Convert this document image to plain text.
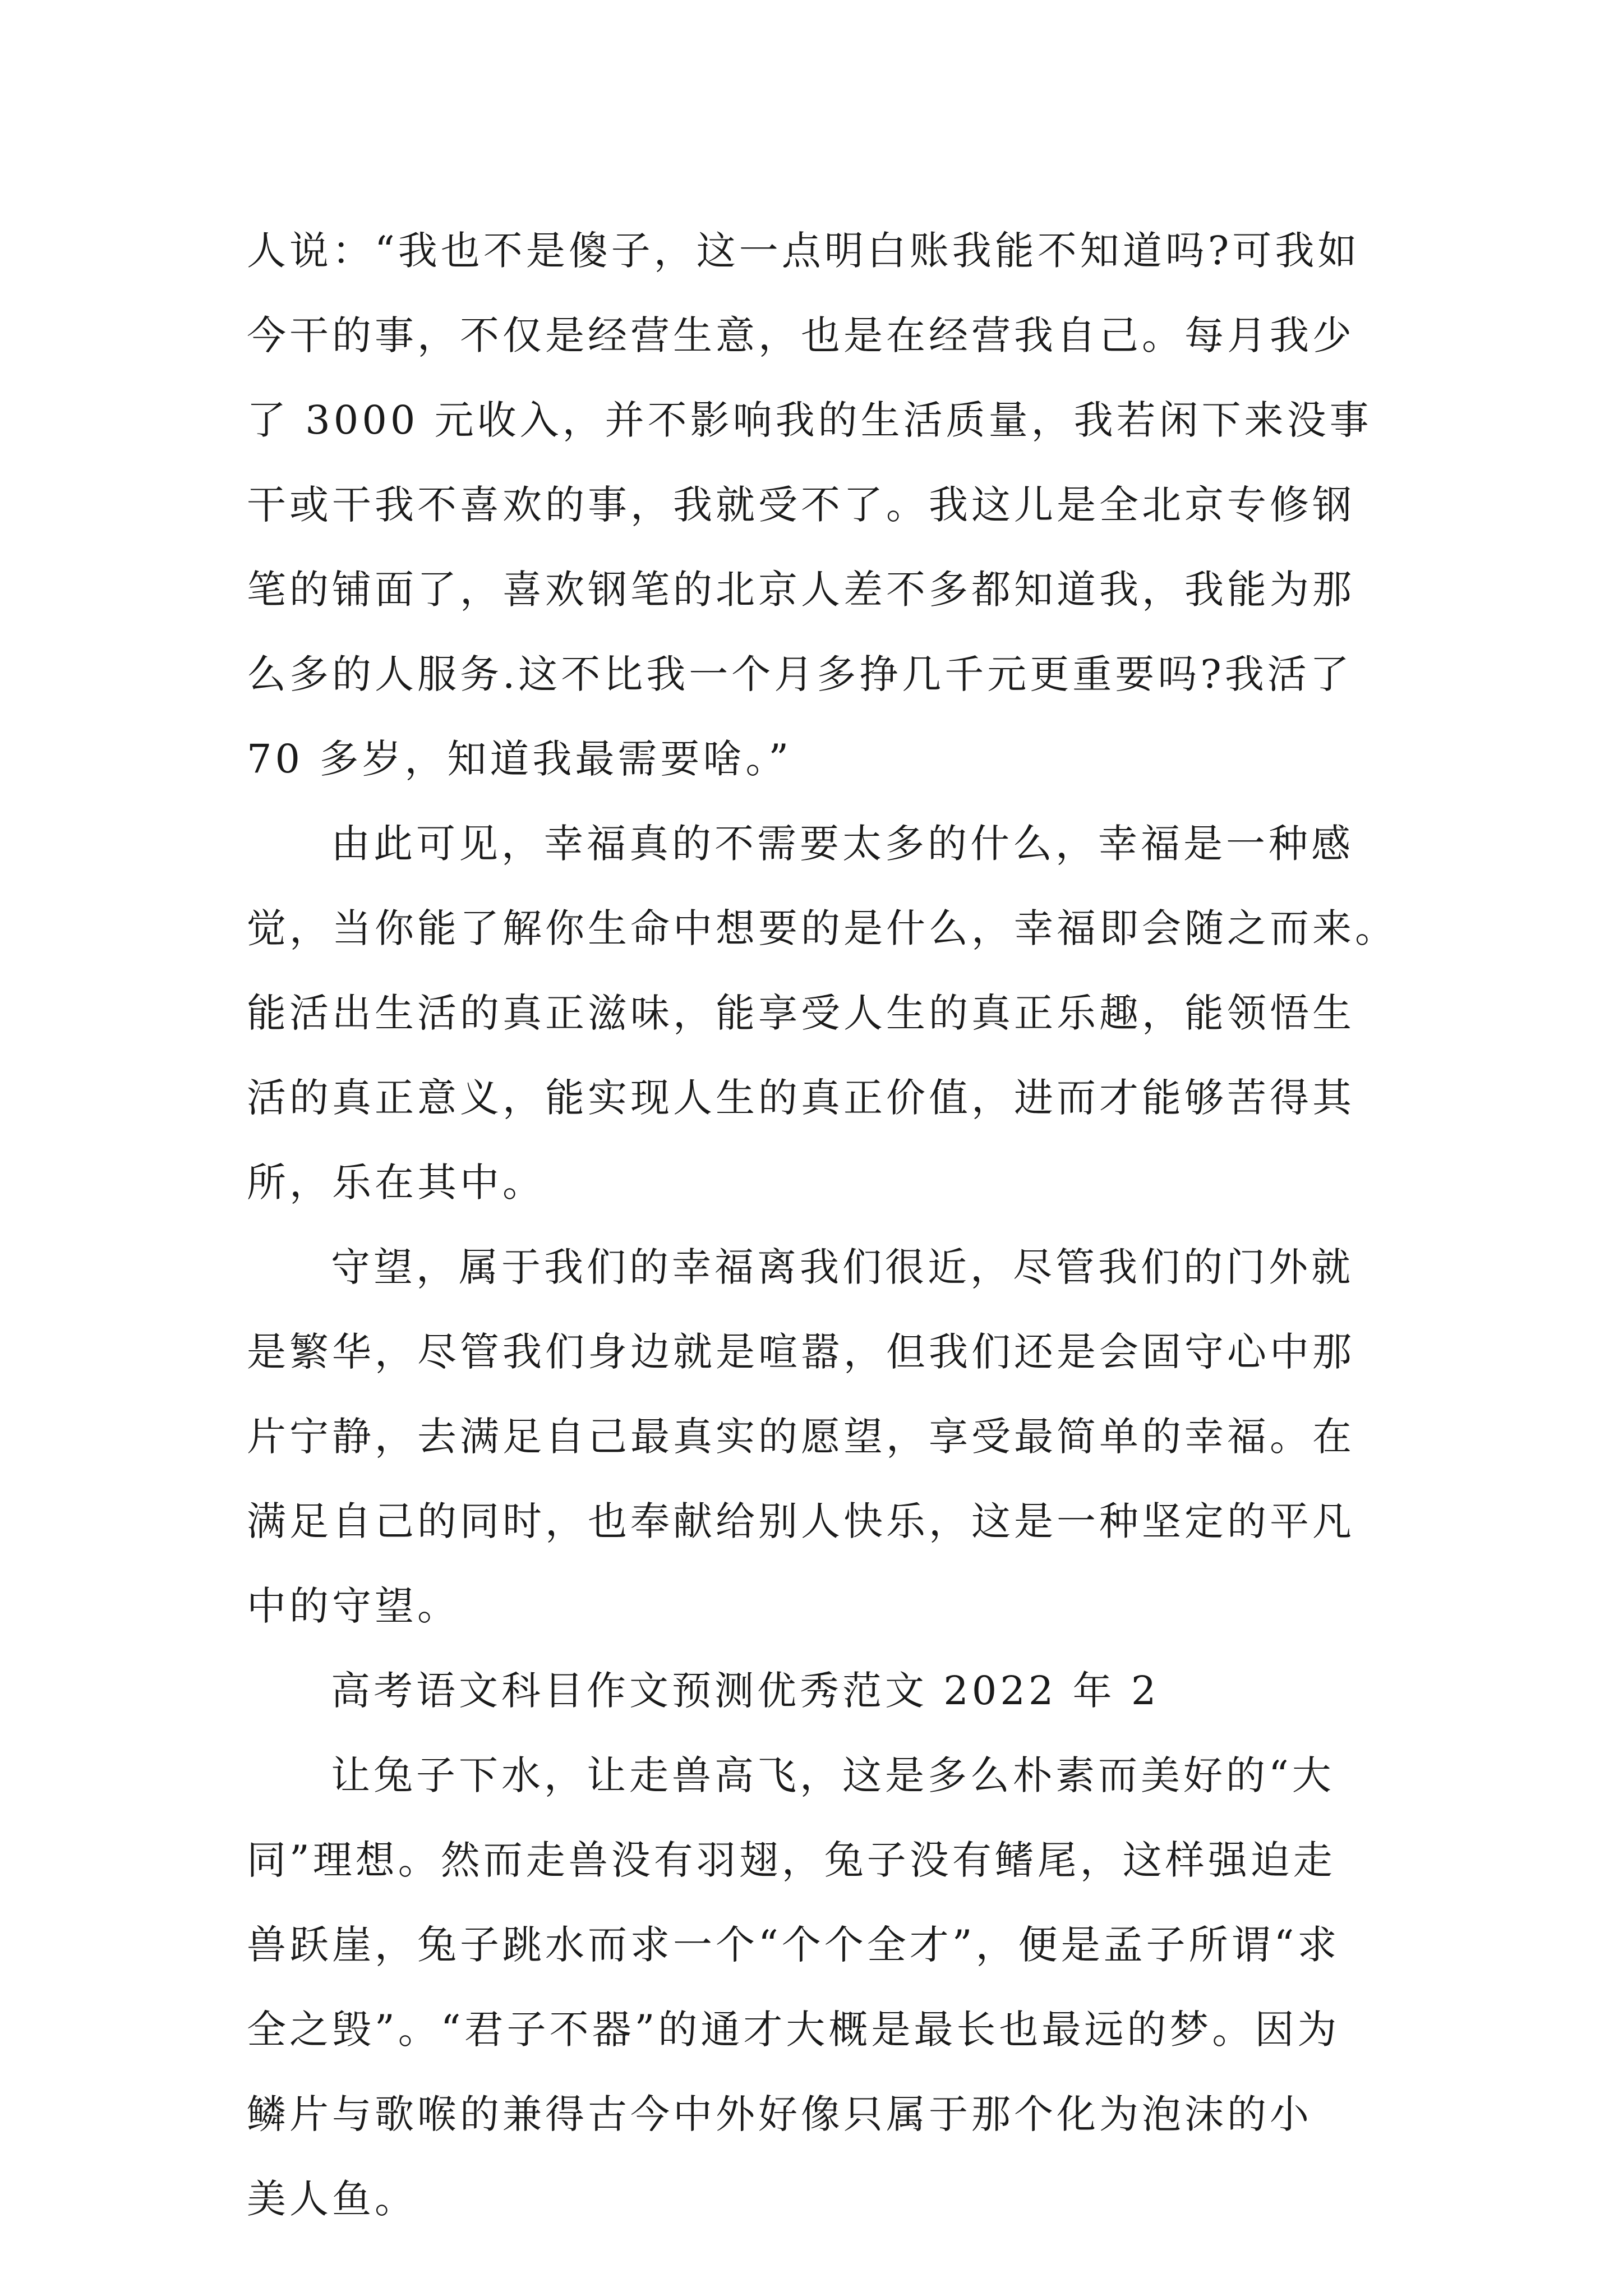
人说：“我也不是傻子，这一点明白账我能不知道吗?可我如
今干的事，不仅是经营生意，也是在经营我自己。每月我少
了 3000 元收入，并不影响我的生活质量，我若闲下来没事
干或干我不喜欢的事，我就受不了。我这儿是全北京专修钢
笔的铺面了，喜欢钢笔的北京人差不多都知道我，我能为那
么多的人服务.这不比我一个月多挣几千元更重要吗?我活了
70 多岁，知道我最需要啥。”
由此可见，幸福真的不需要太多的什么，幸福是一种感
觉，当你能了解你生命中想要的是什么，幸福即会随之而来。
能活出生活的真正滋味，能享受人生的真正乐趣，能领悟生
活的真正意义，能实现人生的真正价值，进而才能够苦得其
所，乐在其中。
守望，属于我们的幸福离我们很近，尽管我们的门外就
是繁华，尽管我们身边就是喧嚣，但我们还是会固守心中那
片宁静，去满足自己最真实的愿望，享受最简单的幸福。在
满足自己的同时，也奉献给别人快乐，这是一种坚定的平凡
中的守望。
高考语文科目作文预测优秀范文 2022 年 2
让兔子下水，让走兽高飞，这是多么朴素而美好的“大
同”理想。然而走兽没有羽翅，兔子没有鳍尾，这样强迫走
兽跃崖，兔子跳水而求一个“个个全才”，便是孟子所谓“求
全之毁”。“君子不器”的通才大概是最长也最远的梦。因为
鳞片与歌喉的兼得古今中外好像只属于那个化为泡沫的小
美人鱼。
